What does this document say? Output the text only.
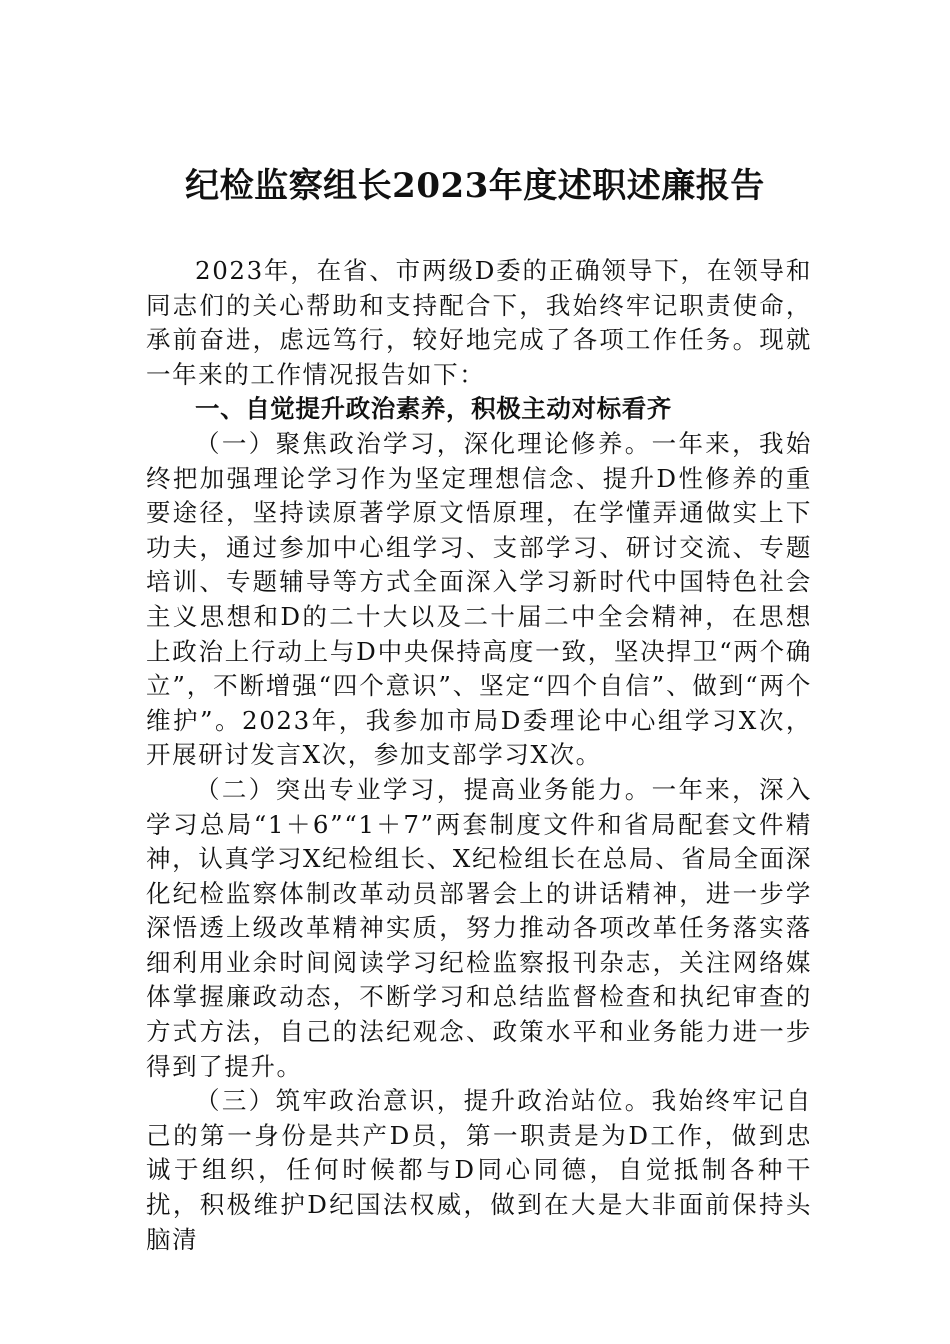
纪检监察组长2023年度述职述廉报告

2023年，在省、市两级D委的正确领导下，在领导和同志们的关心帮助和支持配合下，我始终牢记职责使命，承前奋进，虑远笃行，较好地完成了各项工作任务。现就一年来的工作情况报告如下：

一、自觉提升政治素养，积极主动对标看齐

（一）聚焦政治学习，深化理论修养。一年来，我始终把加强理论学习作为坚定理想信念、提升D性修养的重要途径，坚持读原著学原文悟原理，在学懂弄通做实上下功夫，通过参加中心组学习、支部学习、研讨交流、专题培训、专题辅导等方式全面深入学习新时代中国特色社会主义思想和D的二十大以及二十届二中全会精神，在思想上政治上行动上与D中央保持高度一致，坚决捍卫“两个确立”，不断增强“四个意识”、坚定“四个自信”、做到“两个维护”。2023年，我参加市局D委理论中心组学习X次，开展研讨发言X次，参加支部学习X次。

（二）突出专业学习，提高业务能力。一年来，深入学习总局“1＋6”“1＋7”两套制度文件和省局配套文件精神，认真学习X纪检组长、X纪检组长在总局、省局全面深化纪检监察体制改革动员部署会上的讲话精神，进一步学深悟透上级改革精神实质，努力推动各项改革任务落实落细利用业余时间阅读学习纪检监察报刊杂志，关注网络媒体掌握廉政动态，不断学习和总结监督检查和执纪审查的方式方法，自己的法纪观念、政策水平和业务能力进一步得到了提升。

（三）筑牢政治意识，提升政治站位。我始终牢记自己的第一身份是共产D员，第一职责是为D工作，做到忠诚于组织，任何时候都与D同心同德，自觉抵制各种干扰，积极维护D纪国法权威，做到在大是大非面前保持头脑清
